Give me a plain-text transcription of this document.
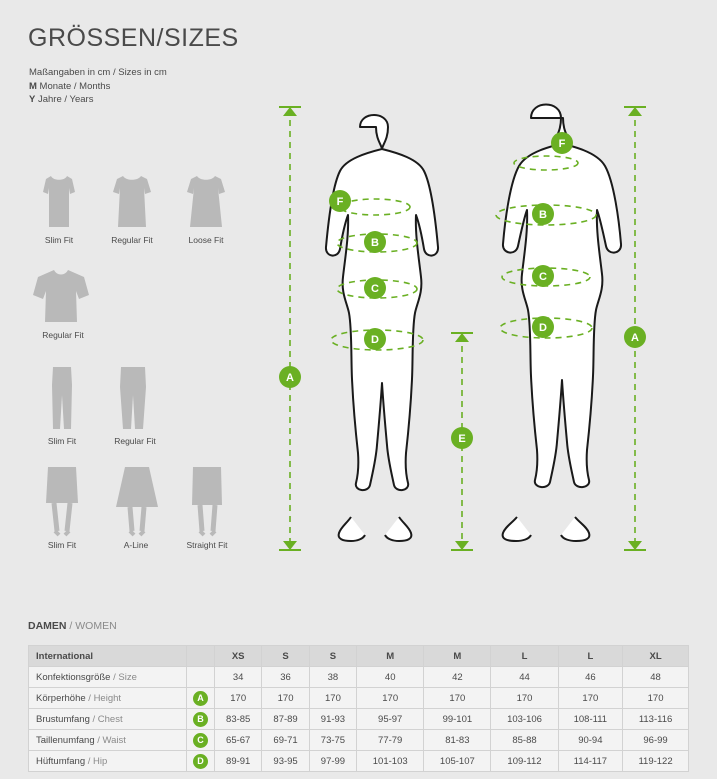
GRÖSSEN/SIZES
Maßangaben in cm / Sizes in cm
M Monate / Months
Y Jahre / Years
Slim Fit	Regular Fit	Loose Fit
Regular Fit
Slim Fit	Regular Fit
Slim Fit	A-Line	Straight Fit
F
B
C
D
A
F
B
C
D
A
E
DAMEN / WOMEN
International		XS	S	S	M	M	L	L	XL
Konfektionsgröße / Size		34	36	38	40	42	44	46	48
Körperhöhe / Height	A	170	170	170	170	170	170	170	170
Brustumfang / Chest	B	83-85	87-89	91-93	95-97	99-101	103-106	108-111	113-116
Taillenumfang / Waist	C	65-67	69-71	73-75	77-79	81-83	85-88	90-94	96-99
Hüftumfang / Hip	D	89-91	93-95	97-99	101-103	105-107	109-112	114-117	119-122
